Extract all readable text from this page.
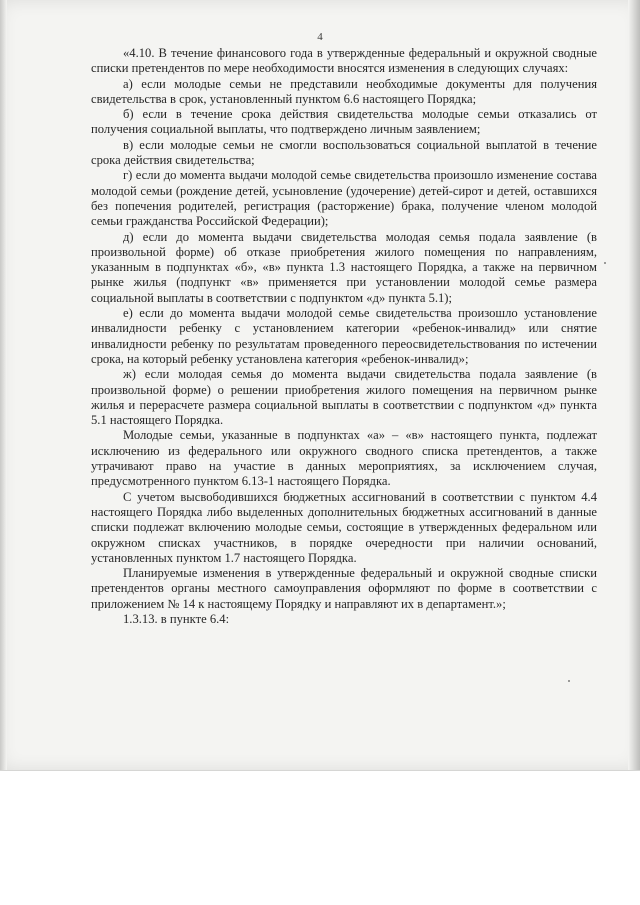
4

«4.10. В течение финансового года в утвержденные федеральный и окружной сводные списки претендентов по мере необходимости вносятся изменения в следующих случаях:

а) если молодые семьи не представили необходимые документы для получения свидетельства в срок, установленный пунктом 6.6 настоящего Порядка;

б) если в течение срока действия свидетельства молодые семьи отказались от получения социальной выплаты, что подтверждено личным заявлением;

в) если молодые семьи не смогли воспользоваться социальной выплатой в течение срока действия свидетельства;

г) если до момента выдачи молодой семье свидетельства произошло изменение состава молодой семьи (рождение детей, усыновление (удочерение) детей-сирот и детей, оставшихся без попечения родителей, регистрация (расторжение) брака, получение членом молодой семьи гражданства Российской Федерации);

д) если до момента выдачи свидетельства молодая семья подала заявление (в произвольной форме) об отказе приобретения жилого помещения по направлениям, указанным в подпунктах «б», «в» пункта 1.3 настоящего Порядка, а также на первичном рынке жилья (подпункт «в» применяется при установлении молодой семье размера социальной выплаты в соответствии с подпунктом «д» пункта 5.1);

е) если до момента выдачи молодой семье свидетельства произошло установление инвалидности ребенку с установлением категории «ребенок-инвалид» или снятие инвалидности ребенку по результатам проведенного переосвидетельствования по истечении срока, на который ребенку установлена категория «ребенок-инвалид»;

ж) если молодая семья до момента выдачи свидетельства подала заявление (в произвольной форме) о решении приобретения жилого помещения на первичном рынке жилья и перерасчете размера социальной выплаты в соответствии с подпунктом «д» пункта 5.1 настоящего Порядка.

Молодые семьи, указанные в подпунктах «а» – «в» настоящего пункта, подлежат исключению из федерального или окружного сводного списка претендентов, а также утрачивают право на участие в данных мероприятиях, за исключением случая, предусмотренного пунктом 6.13-1 настоящего Порядка.

С учетом высвободившихся бюджетных ассигнований в соответствии с пунктом 4.4 настоящего Порядка либо выделенных дополнительных бюджетных ассигнований в данные списки подлежат включению молодые семьи, состоящие в утвержденных федеральном или окружном списках участников, в порядке очередности при наличии оснований, установленных пунктом 1.7 настоящего Порядка.

Планируемые изменения в утвержденные федеральный и окружной сводные списки претендентов органы местного самоуправления оформляют по форме в соответствии с приложением № 14 к настоящему Порядку и направляют их в департамент.»;

1.3.13. в пункте 6.4:
